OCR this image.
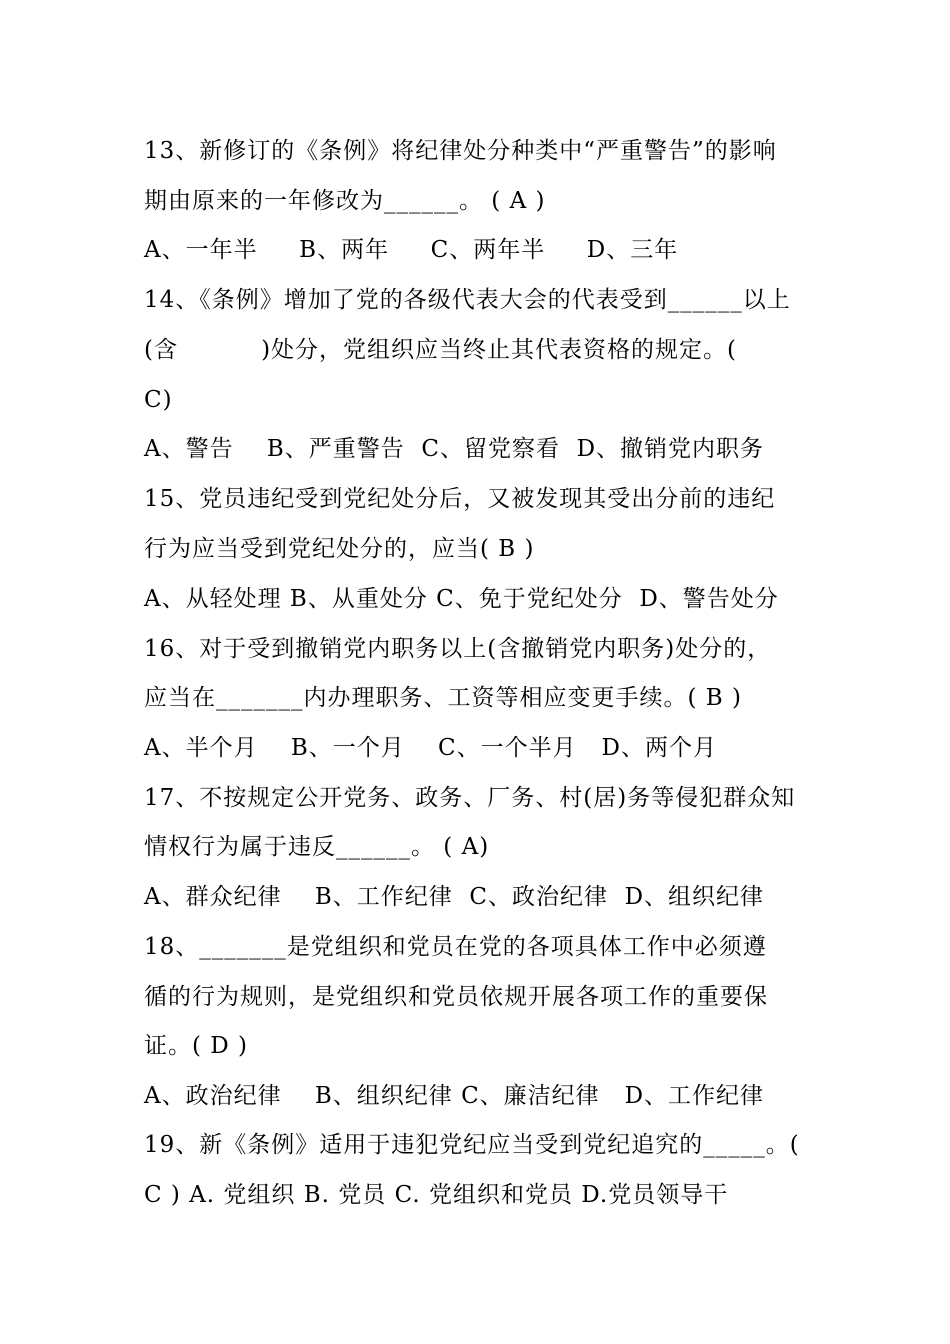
13、新修订的《条例》将纪律处分种类中“严重警告”的影响
期由原来的一年修改为______。 ( A )
A、一年半     B、两年     C、两年半     D、三年
14、《条例》增加了党的各级代表大会的代表受到______以上
(含          )处分，党组织应当终止其代表资格的规定。(
C)
A、警告    B、严重警告  C、留党察看  D、撤销党内职务
15、党员违纪受到党纪处分后，又被发现其受出分前的违纪
行为应当受到党纪处分的，应当( B )
A、从轻处理 B、从重处分 C、免于党纪处分  D、警告处分
16、对于受到撤销党内职务以上(含撤销党内职务)处分的，
应当在_______内办理职务、工资等相应变更手续。( B )
A、半个月    B、一个月    C、一个半月   D、两个月
17、不按规定公开党务、政务、厂务、村(居)务等侵犯群众知
情权行为属于违反______。 ( A)
A、群众纪律    B、工作纪律  C、政治纪律  D、组织纪律
18、_______是党组织和党员在党的各项具体工作中必须遵
循的行为规则，是党组织和党员依规开展各项工作的重要保
证。( D )
A、政治纪律    B、组织纪律 C、廉洁纪律   D、工作纪律
19、新《条例》适用于违犯党纪应当受到党纪追究的_____。(
C ) A. 党组织 B. 党员 C. 党组织和党员 D.党员领导干
